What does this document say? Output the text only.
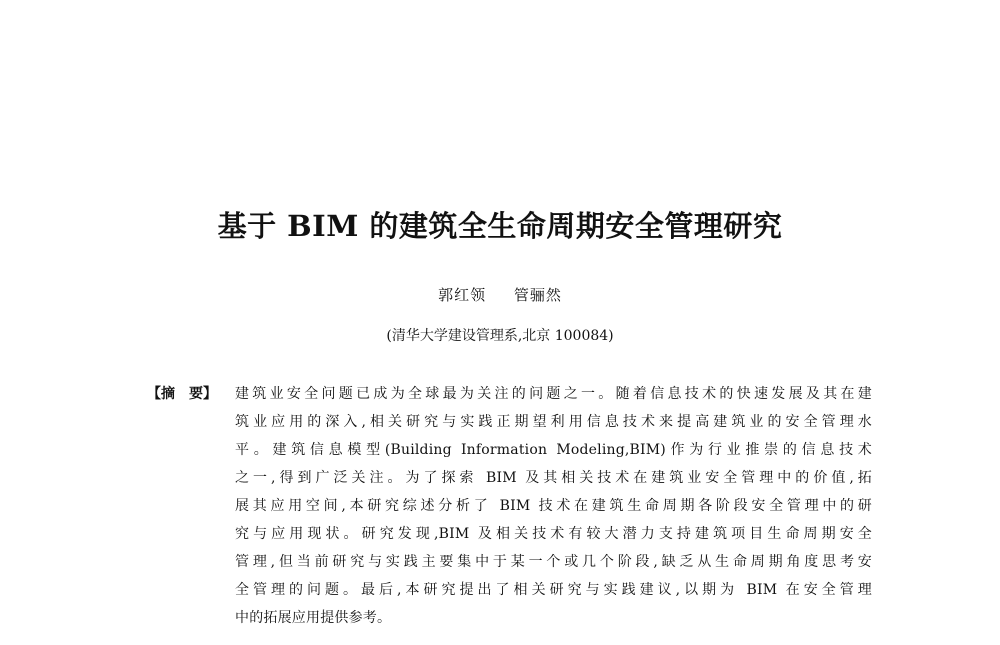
基于 BIM 的建筑全生命周期安全管理研究
郭红领 管骊然
(清华大学建设管理系,北京 100084)
【摘　要】	建筑业安全问题已成为全球最为关注的问题之一。随着信息技术的快速发展及其在建
筑业应用的深入,相关研究与实践正期望利用信息技术来提高建筑业的安全管理水
平。建筑信息模型(Building Information Modeling,BIM)作为行业推崇的信息技术
之一,得到广泛关注。为了探索 BIM 及其相关技术在建筑业安全管理中的价值,拓
展其应用空间,本研究综述分析了 BIM 技术在建筑生命周期各阶段安全管理中的研
究与应用现状。研究发现,BIM 及相关技术有较大潜力支持建筑项目生命周期安全
管理,但当前研究与实践主要集中于某一个或几个阶段,缺乏从生命周期角度思考安
全管理的问题。最后,本研究提出了相关研究与实践建议,以期为 BIM 在安全管理
中的拓展应用提供参考。
